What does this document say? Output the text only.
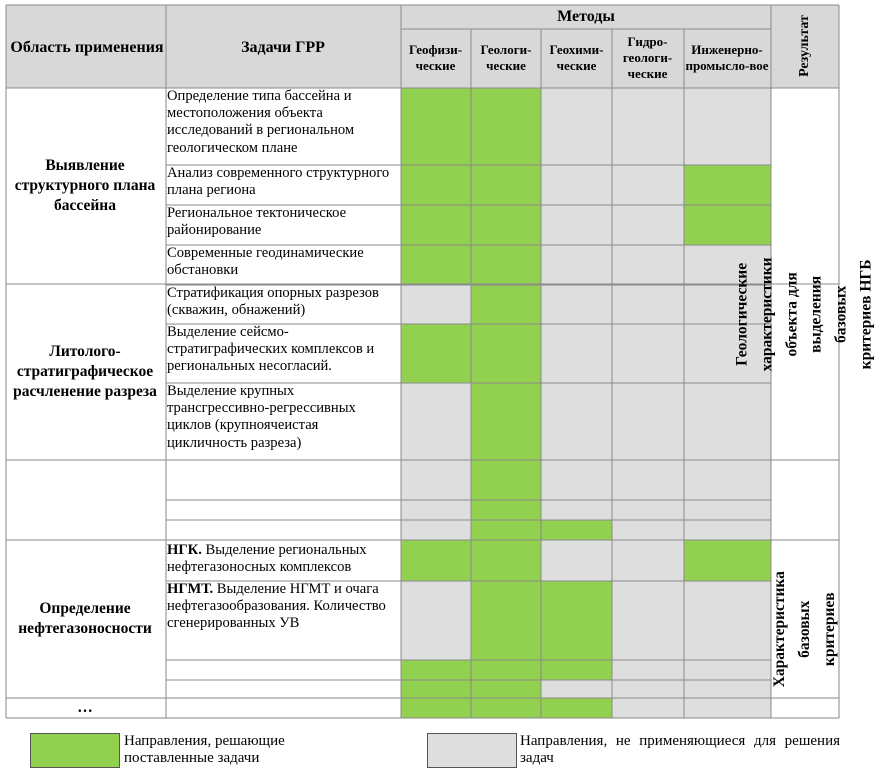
Область применения	Задачи ГРР
Методы
Геофизи-ческие
Геологи-ческие
Геохими-ческие
Гидро-геологи-ческие
Инженерно-промысло-вое Результат
Выявление структурного плана бассейна
Литолого-стратиграфическое расчленение разреза
Определение нефтегазоносности
…
Определение типа бассейна и местоположения объекта исследований в региональном геологическом плане
Анализ современного структурного плана региона
Региональное тектоническое районирование
Современные геодинамические обстановки
Стратификация опорных разрезов (скважин, обнажений)
Выделение сейсмо-стратиграфических комплексов и региональных несогласий.
Выделение крупных трансгрессивно-регрессивных циклов (крупноячеистая цикличность разреза)
НГК. Выделение региональных нефтегазоносных комплексов
НГМТ. Выделение НГМТ и очага нефтегазообразования. Количество сгенерированных УВ
Геологические характеристики объекта для выделения базовых критериев НГБ
Характеристика базовых критериев
Направления, решающие поставленные задачи
Направления, не применяющиеся для решения задач
